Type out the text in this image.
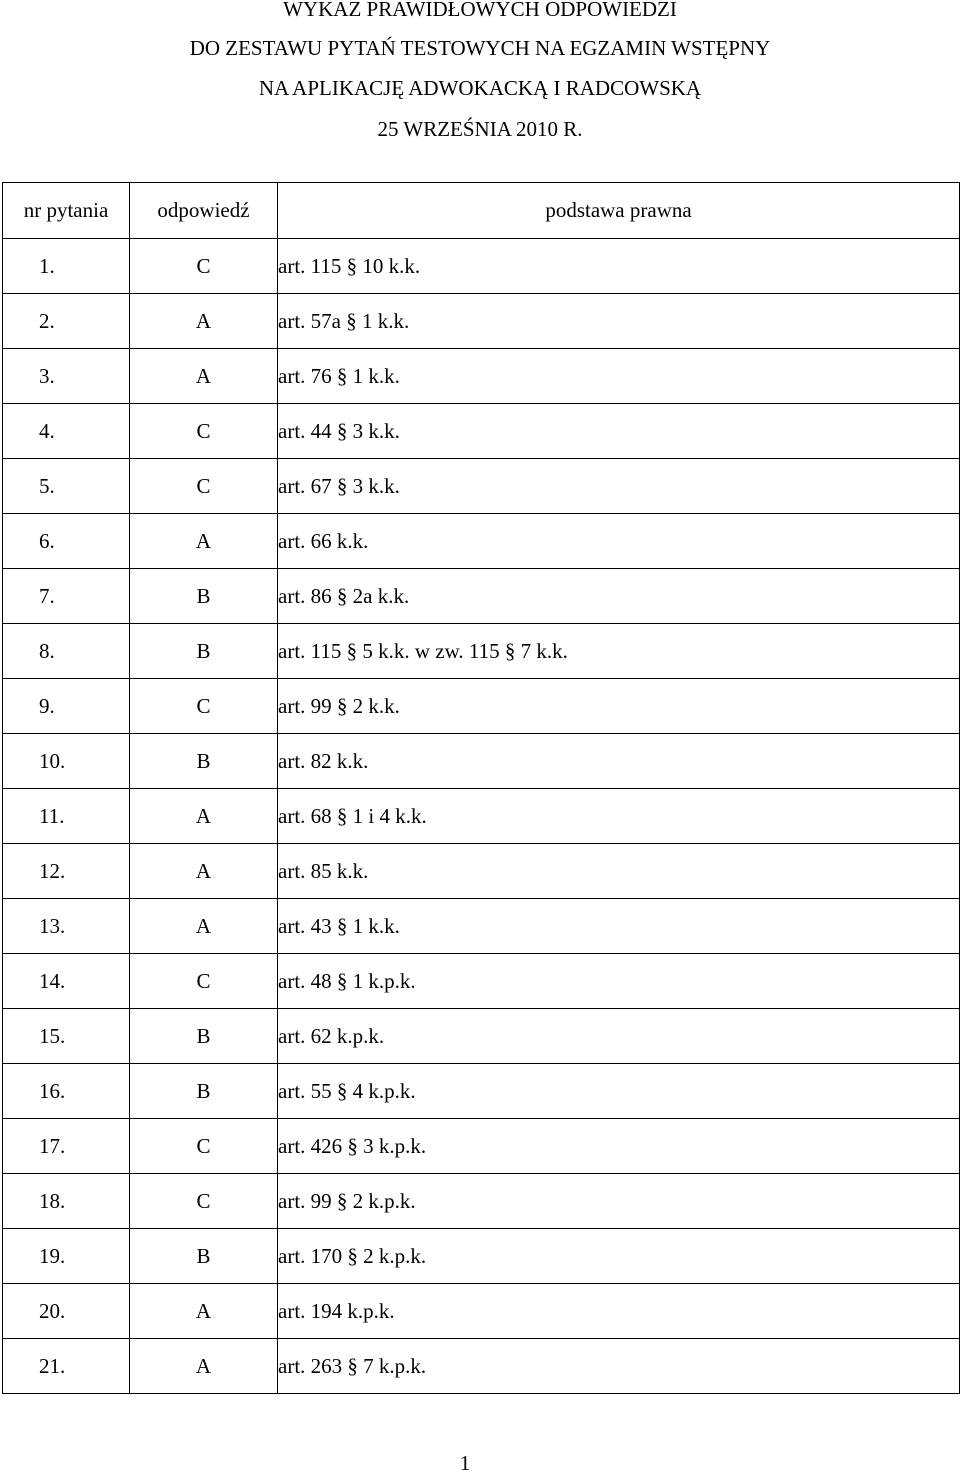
WYKAZ PRAWIDŁOWYCH ODPOWIEDZI
DO ZESTAWU PYTAŃ TESTOWYCH NA EGZAMIN WSTĘPNY
NA APLIKACJĘ ADWOKACKĄ I RADCOWSKĄ
25 WRZEŚNIA 2010 R.
nr pytania	odpowiedź	podstawa prawna
1.	C	art. 115 § 10 k.k.
2.	A	art. 57a § 1 k.k.
3.	A	art. 76 § 1 k.k.
4.	C	art. 44 § 3 k.k.
5.	C	art. 67 § 3 k.k.
6.	A	art. 66 k.k.
7.	B	art. 86 § 2a k.k.
8.	B	art. 115 § 5 k.k. w zw. 115 § 7 k.k.
9.	C	art. 99 § 2 k.k.
10.	B	art. 82 k.k.
11.	A	art. 68 § 1 i 4 k.k.
12.	A	art. 85 k.k.
13.	A	art. 43 § 1 k.k.
14.	C	art. 48 § 1 k.p.k.
15.	B	art. 62 k.p.k.
16.	B	art. 55 § 4 k.p.k.
17.	C	art. 426 § 3 k.p.k.
18.	C	art. 99 § 2 k.p.k.
19.	B	art. 170 § 2 k.p.k.
20.	A	art. 194 k.p.k.
21.	A	art. 263 § 7 k.p.k.
1
